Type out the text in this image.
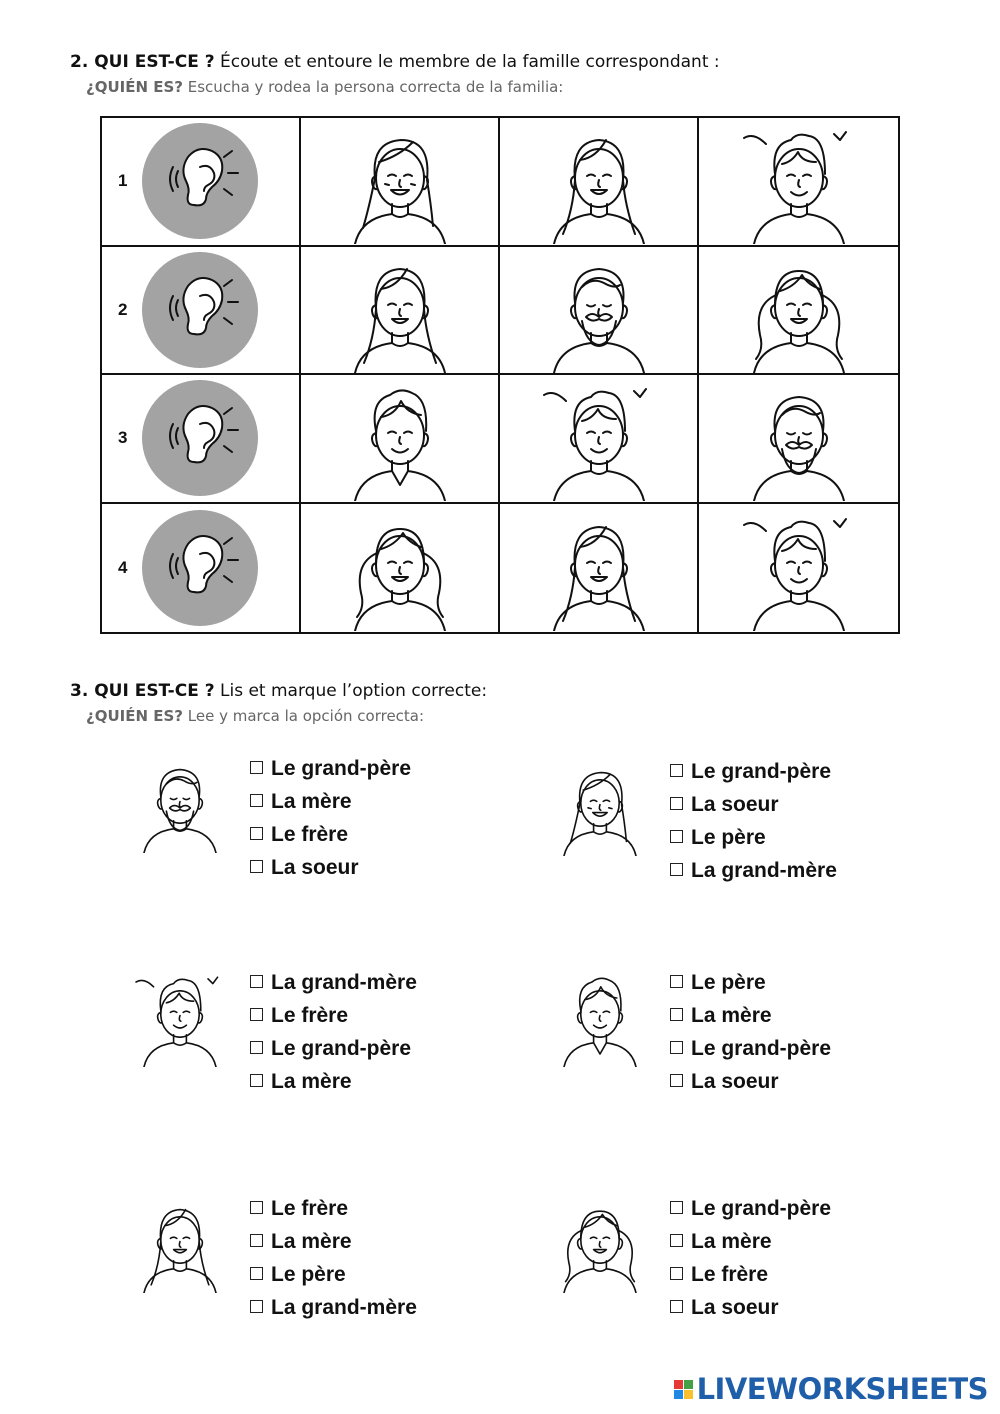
2. QUI EST-CE ? Écoute et entoure le membre de la famille correspondant :
¿QUIÉN ES? Escucha y rodea la persona correcta de la familia:
1
2
3
4
3. QUI EST-CE ? Lis et marque l’option correcte:
¿QUIÉN ES? Lee y marca la opción correcta:
Le grand-père
La mère
Le frère
La soeur
Le grand-père
La soeur
Le père
La grand-mère
La grand-mère
Le frère
Le grand-père
La mère
Le père
La mère
Le grand-père
La soeur
Le frère
La mère
Le père
La grand-mère
Le grand-père
La mère
Le frère
La soeur
LIVEWORKSHEETS
